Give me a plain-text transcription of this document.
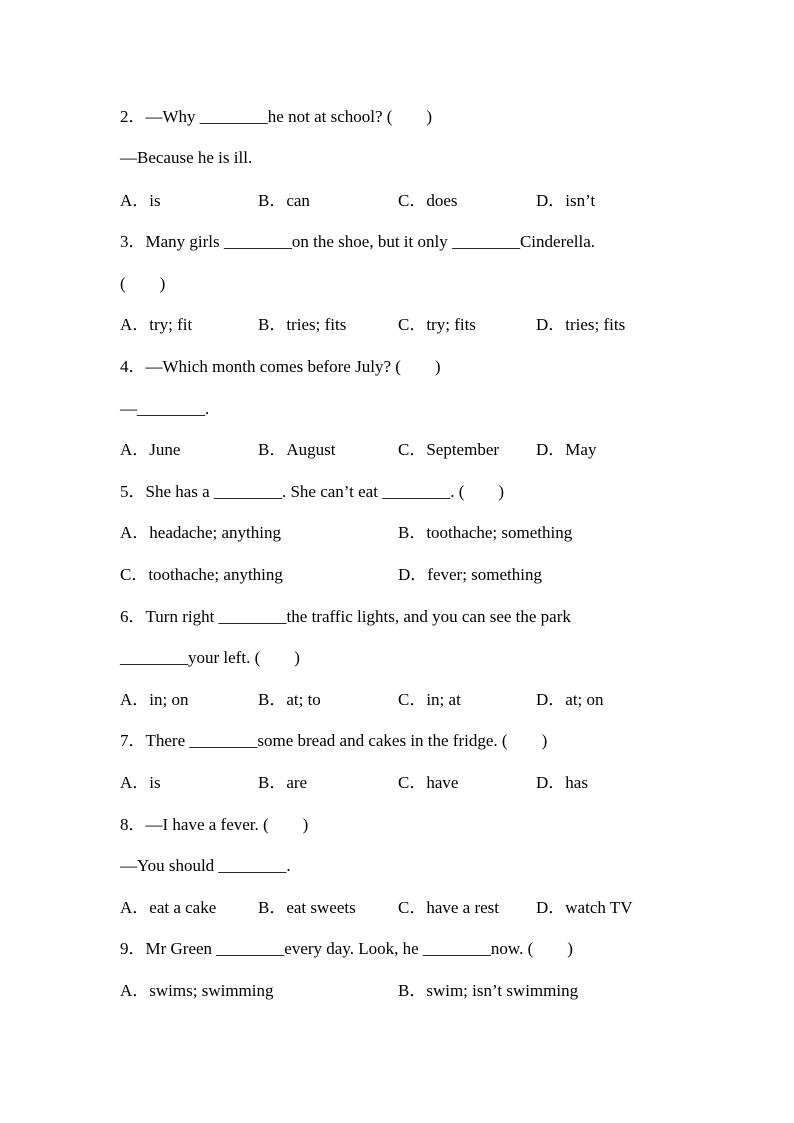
2．—Why ________he not at school? (　　)
—Because he is ill.
A．is	B．can	C．does	D．isn’t
3．Many girls ________on the shoe, but it only ________Cinderella.
(　　)
A．try; fit	B．tries; fits	C．try; fits	D．tries; fits
4．—Which month comes before July? (　　)
—________.
A．June	B．August	C．September D．May
5．She has a ________. She can’t eat ________. (　　)
A．headache; anything	B．toothache; something
C．toothache; anything	D．fever; something
6．Turn right ________the traffic lights, and you can see the park
________your left. (　　)
A．in; on	B．at; to	C．in; at	D．at; on
7．There ________some bread and cakes in the fridge. (　　)
A．is	B．are	C．have	D．has
8．—I have a fever. (　　)
—You should ________.
A．eat a cake B．eat sweets C．have a rest D．watch TV
9．Mr Green ________every day. Look, he ________now. (　　)
A．swims; swimming	B．swim; isn’t swimming
